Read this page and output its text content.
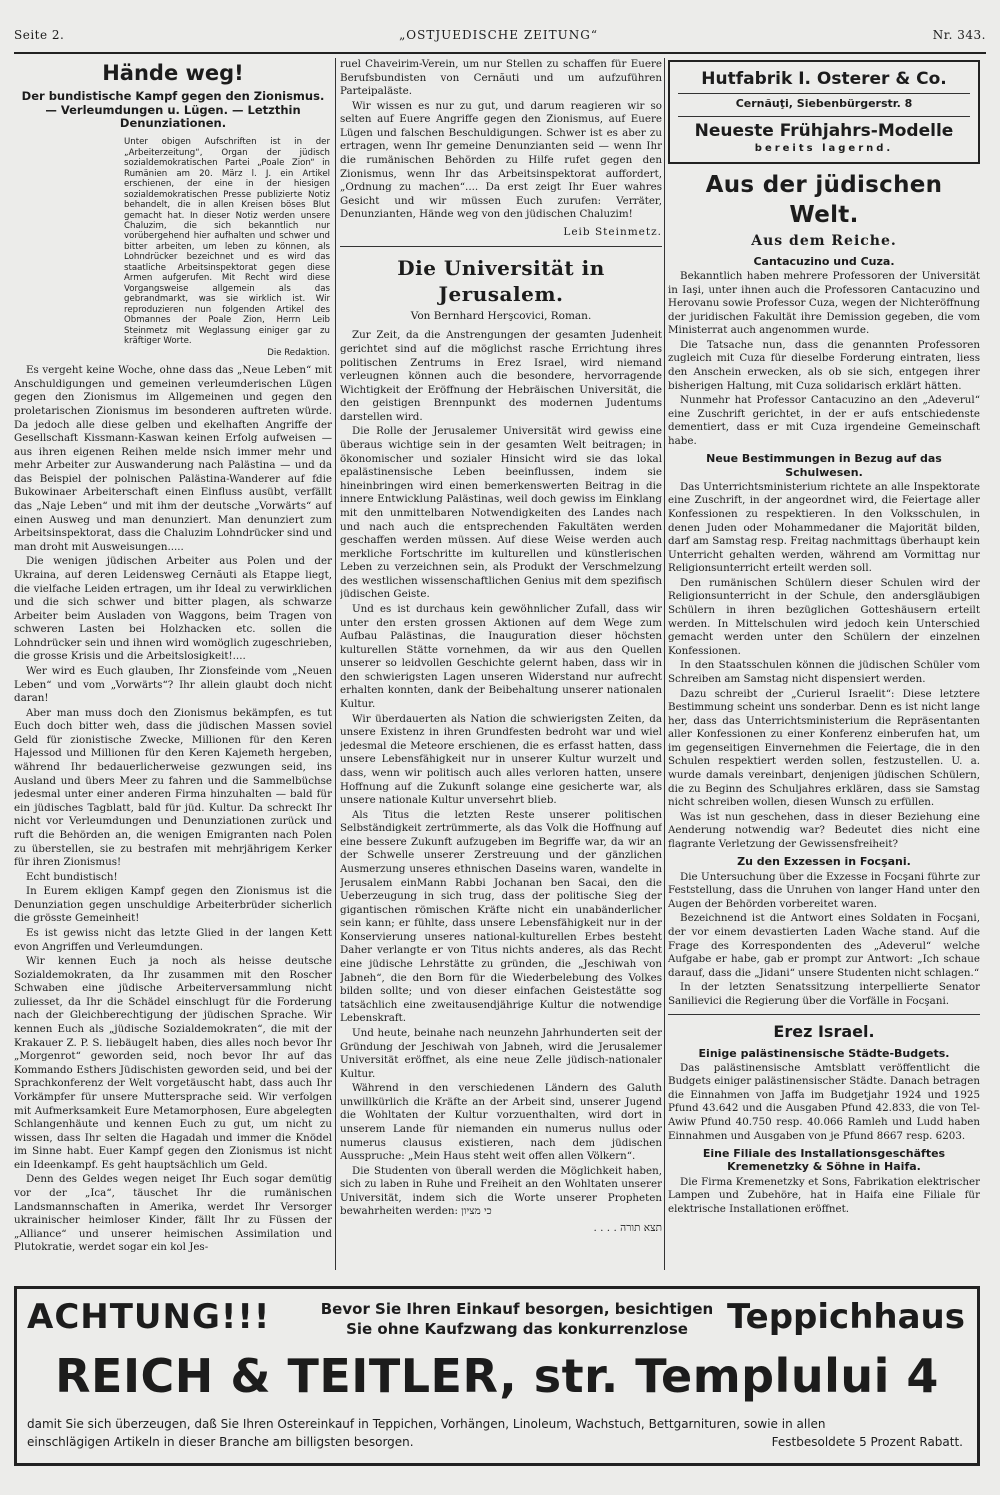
Seite 2.	„OSTJUEDISCHE ZEITUNG“	Nr. 343.
Hände weg!
Der bundistische Kampf gegen den Zionismus. — Verleumdungen u. Lügen. — Letzthin Denunziationen.
Unter obigen Aufschriften ist in der „Arbeiterzeitung“, Organ der jüdisch sozialdemokratischen Partei „Poale Zion“ in Rumänien am 20. März l. J. ein Artikel erschienen, der eine in der hiesigen sozialdemokratischen Presse publizierte Notiz behandelt, die in allen Kreisen böses Blut gemacht hat. In dieser Notiz werden unsere Chaluzim, die sich bekanntlich nur vorübergehend hier aufhalten und schwer und bitter arbeiten, um leben zu können, als Lohndrücker bezeichnet und es wird das staatliche Arbeitsinspektorat gegen diese Armen aufgerufen. Mit Recht wird diese Vorgangsweise allgemein als das gebrandmarkt, was sie wirklich ist. Wir reproduzieren nun folgenden Artikel des Obmannes der Poale Zion, Herrn Leib Steinmetz mit Weglassung einiger gar zu kräftiger Worte.
Die Redaktion.

Es vergeht keine Woche, ohne dass das „Neue Leben“ mit Anschuldigungen und gemeinen verleumderischen Lügen gegen den Zionismus im Allgemeinen und gegen den proletarischen Zionismus im besonderen auftreten würde. Da jedoch alle diese gelben und ekelhaften Angriffe der Gesellschaft Kissmann-Kaswan keinen Erfolg aufweisen — aus ihren eigenen Reihen melde nsich immer mehr und mehr Arbeiter zur Auswanderung nach Palästina — und da das Beispiel der polnischen Palästina-Wanderer auf fdie Bukowinaer Arbeiterschaft einen Einfluss ausübt, verfällt das „Naje Leben“ und mit ihm der deutsche „Vorwärts“ auf einen Ausweg und man denunziert. Man denunziert zum Arbeitsinspektorat, dass die Chaluzim Lohndrücker sind und man droht mit Ausweisungen.....

Die wenigen jüdischen Arbeiter aus Polen und der Ukraina, auf deren Leidensweg Cernăuti als Etappe liegt, die vielfache Leiden ertragen, um ihr Ideal zu verwirklichen und die sich schwer und bitter plagen, als schwarze Arbeiter beim Ausladen von Waggons, beim Tragen von schweren Lasten bei Holzhacken etc. sollen die Lohndrücker sein und ihnen wird womöglich zugeschrieben, die grosse Krisis und die Arbeitslosigkeit!....

Wer wird es Euch glauben, Ihr Zionsfeinde vom „Neuen Leben“ und vom „Vorwärts“? Ihr allein glaubt doch nicht daran!

Aber man muss doch den Zionismus bekämpfen, es tut Euch doch bitter weh, dass die jüdischen Massen soviel Geld für zionistische Zwecke, Millionen für den Keren Hajessod und Millionen für den Keren Kajemeth hergeben, während Ihr bedauerlicherweise gezwungen seid, ins Ausland und übers Meer zu fahren und die Sammelbüchse jedesmal unter einer anderen Firma hinzuhalten — bald für ein jüdisches Tagblatt, bald für jüd. Kultur. Da schreckt Ihr nicht vor Verleumdungen und Denunziationen zurück und ruft die Behörden an, die wenigen Emigranten nach Polen zu überstellen, sie zu bestrafen mit mehrjährigem Kerker für ihren Zionismus!

Echt bundistisch!

In Eurem ekligen Kampf gegen den Zionismus ist die Denunziation gegen unschuldige Arbeiterbrüder sicherlich die grösste Gemeinheit!

Es ist gewiss nicht das letzte Glied in der langen Kett evon Angriffen und Verleumdungen.

Wir kennen Euch ja noch als heisse deutsche Sozialdemokraten, da Ihr zusammen mit den Roscher Schwaben eine jüdische Arbeiterversammlung nicht zuliesset, da Ihr die Schädel einschlugt für die Forderung nach der Gleichberechtigung der jüdischen Sprache. Wir kennen Euch als „jüdische Sozialdemokraten“, die mit der Krakauer Z. P. S. liebäugelt haben, dies alles noch bevor Ihr „Morgenrot“ geworden seid, noch bevor Ihr auf das Kommando Esthers Jüdischisten geworden seid, und bei der Sprachkonferenz der Welt vorgetäuscht habt, dass auch Ihr Vorkämpfer für unsere Muttersprache seid. Wir verfolgen mit Aufmerksamkeit Eure Metamorphosen, Eure abgelegten Schlangenhäute und kennen Euch zu gut, um nicht zu wissen, dass Ihr selten die Hagadah und immer die Knödel im Sinne habt. Euer Kampf gegen den Zionismus ist nicht ein Ideenkampf. Es geht hauptsächlich um Geld.

Denn des Geldes wegen neiget Ihr Euch sogar demütig vor der „Ica“, täuschet Ihr die rumänischen Landsmannschaften in Amerika, werdet Ihr Versorger ukrainischer heimloser Kinder, fällt Ihr zu Füssen der „Alliance“ und unserer heimischen Assimilation und Plutokratie, werdet sogar ein kol Jes-

ruel Chaveirim-Verein, um nur Stellen zu schaffen für Euere Berufsbundisten von Cernăuti und um aufzuführen Parteipaläste.

Wir wissen es nur zu gut, und darum reagieren wir so selten auf Euere Angriffe gegen den Zionismus, auf Euere Lügen und falschen Beschuldigungen. Schwer ist es aber zu ertragen, wenn Ihr gemeine Denunzianten seid — wenn Ihr die rumänischen Behörden zu Hilfe rufet gegen den Zionismus, wenn Ihr das Arbeitsinspektorat auffordert, „Ordnung zu machen“.... Da erst zeigt Ihr Euer wahres Gesicht und wir müssen Euch zurufen: Verräter, Denunzianten, Hände weg von den jüdischen Chaluzim!

Leib Steinmetz.
Die Universität in Jerusalem.
Von Bernhard Herşcovici, Roman.

Zur Zeit, da die Anstrengungen der gesamten Judenheit gerichtet sind auf die möglichst rasche Errichtung ihres politischen Zentrums in Erez Israel, wird niemand verleugnen können auch die besondere, hervorragende Wichtigkeit der Eröffnung der Hebräischen Universität, die den geistigen Brennpunkt des modernen Judentums darstellen wird.

Die Rolle der Jerusalemer Universität wird gewiss eine überaus wichtige sein in der gesamten Welt beitragen; in ökonomischer und sozialer Hinsicht wird sie das lokal epalästinensische Leben beeinflussen, indem sie hineinbringen wird einen bemerkenswerten Beitrag in die innere Entwicklung Palästinas, weil doch gewiss im Einklang mit den unmittelbaren Notwendigkeiten des Landes nach und nach auch die entsprechenden Fakultäten werden geschaffen werden müssen. Auf diese Weise werden auch merkliche Fortschritte im kulturellen und künstlerischen Leben zu verzeichnen sein, als Produkt der Verschmelzung des westlichen wissenschaftlichen Genius mit dem spezifisch jüdischen Geiste.

Und es ist durchaus kein gewöhnlicher Zufall, dass wir unter den ersten grossen Aktionen auf dem Wege zum Aufbau Palästinas, die Inauguration dieser höchsten kulturellen Stätte vornehmen, da wir aus den Quellen unserer so leidvollen Geschichte gelernt haben, dass wir in den schwierigsten Lagen unseren Widerstand nur aufrecht erhalten konnten, dank der Beibehaltung unserer nationalen Kultur.

Wir überdauerten als Nation die schwierigsten Zeiten, da unsere Existenz in ihren Grundfesten bedroht war und wiel jedesmal die Meteore erschienen, die es erfasst hatten, dass unsere Lebensfähigkeit nur in unserer Kultur wurzelt und dass, wenn wir politisch auch alles verloren hatten, unsere Hoffnung auf die Zukunft solange eine gesicherte war, als unsere nationale Kultur unversehrt blieb.

Als Titus die letzten Reste unserer politischen Selbständigkeit zertrümmerte, als das Volk die Hoffnung auf eine bessere Zukunft aufzugeben im Begriffe war, da wir an der Schwelle unserer Zerstreuung und der gänzlichen Ausmerzung unseres ethnischen Daseins waren, wandelte in Jerusalem einMann Rabbi Jochanan ben Sacai, den die Ueberzeugung in sich trug, dass der politische Sieg der gigantischen römischen Kräfte nicht ein unabänderlicher sein kann; er fühlte, dass unsere Lebensfähigkeit nur in der Konservierung unseres national-kulturellen Erbes besteht Daher verlangte er von Titus nichts anderes, als das Recht eine jüdische Lehrstätte zu gründen, die „Jeschiwah von Jabneh“, die den Born für die Wiederbelebung des Volkes bilden sollte; und von dieser einfachen Geistestätte sog tatsächlich eine zweitausendjährige Kultur die notwendige Lebenskraft.

Und heute, beinahe nach neunzehn Jahrhunderten seit der Gründung der Jeschiwah von Jabneh, wird die Jerusalemer Universität eröffnet, als eine neue Zelle jüdisch-nationaler Kultur.

Während in den verschiedenen Ländern des Galuth unwillkürlich die Kräfte an der Arbeit sind, unserer Jugend die Wohltaten der Kultur vorzuenthalten, wird dort in unserem Lande für niemanden ein numerus nullus oder numerus clausus existieren, nach dem jüdischen Ausspruche: „Mein Haus steht weit offen allen Völkern“.

Die Studenten von überall werden die Möglichkeit haben, sich zu laben in Ruhe und Freiheit an den Wohltaten unserer Universität, indem sich die Worte unserer Propheten bewahrheiten werden: כי מציון

. . . . תצא תורה
Hutfabrik I. Osterer & Co.
Cernăuţi, Siebenbürgerstr. 8
Neueste Frühjahrs-Modelle
bereits lagernd.
Aus der jüdischen Welt.
Aus dem Reiche.
Cantacuzino und Cuza.

Bekanntlich haben mehrere Professoren der Universität in Iaşi, unter ihnen auch die Professoren Cantacuzino und Herovanu sowie Professor Cuza, wegen der Nichteröffnung der juridischen Fakultät ihre Demission gegeben, die vom Ministerrat auch angenommen wurde.

Die Tatsache nun, dass die genannten Professoren zugleich mit Cuza für dieselbe Forderung eintraten, liess den Anschein erwecken, als ob sie sich, entgegen ihrer bisherigen Haltung, mit Cuza solidarisch erklärt hätten.

Nunmehr hat Professor Cantacuzino an den „Adeverul“ eine Zuschrift gerichtet, in der er aufs entschiedenste dementiert, dass er mit Cuza irgendeine Gemeinschaft habe.

Neue Bestimmungen in Bezug auf das Schulwesen.

Das Unterrichtsministerium richtete an alle Inspektorate eine Zuschrift, in der angeordnet wird, die Feiertage aller Konfessionen zu respektieren. In den Volksschulen, in denen Juden oder Mohammedaner die Majorität bilden, darf am Samstag resp. Freitag nachmittags überhaupt kein Unterricht gehalten werden, während am Vormittag nur Religionsunterricht erteilt werden soll.

Den rumänischen Schülern dieser Schulen wird der Religionsunterricht in der Schule, den andersgläubigen Schülern in ihren bezüglichen Gotteshäusern erteilt werden. In Mittelschulen wird jedoch kein Unterschied gemacht werden unter den Schülern der einzelnen Konfessionen.

In den Staatsschulen können die jüdischen Schüler vom Schreiben am Samstag nicht dispensiert werden.

Dazu schreibt der „Curierul Israelit“: Diese letztere Bestimmung scheint uns sonderbar. Denn es ist nicht lange her, dass das Unterrichtsministerium die Repräsentanten aller Konfessionen zu einer Konferenz einberufen hat, um im gegenseitigen Einvernehmen die Feiertage, die in den Schulen respektiert werden sollen, festzustellen. U. a. wurde damals vereinbart, denjenigen jüdischen Schülern, die zu Beginn des Schuljahres erklären, dass sie Samstag nicht schreiben wollen, diesen Wunsch zu erfüllen.

Was ist nun geschehen, dass in dieser Beziehung eine Aenderung notwendig war? Bedeutet dies nicht eine flagrante Verletzung der Gewissensfreiheit?

Zu den Exzessen in Focşani.

Die Untersuchung über die Exzesse in Focşani führte zur Feststellung, dass die Unruhen von langer Hand unter den Augen der Behörden vorbereitet waren.

Bezeichnend ist die Antwort eines Soldaten in Focşani, der vor einem devastierten Laden Wache stand. Auf die Frage des Korrespondenten des „Adeverul“ welche Aufgabe er habe, gab er prompt zur Antwort: „Ich schaue darauf, dass die „Jidani“ unsere Studenten nicht schlagen.“

In der letzten Senatssitzung interpellierte Senator Sanilievici die Regierung über die Vorfälle in Focşani.

Erez Israel.
Einige palästinensische Städte-Budgets.

Das palästinensische Amtsblatt veröffentlicht die Budgets einiger palästinensischer Städte. Danach betragen die Einnahmen von Jaffa im Budgetjahr 1924 und 1925 Pfund 43.642 und die Ausgaben Pfund 42.833, die von Tel-Awiw Pfund 40.750 resp. 40.066 Ramleh und Ludd haben Einnahmen und Ausgaben von je Pfund 8667 resp. 6203.

Eine Filiale des Installationsgeschäftes Kremenetzky & Söhne in Haifa.

Die Firma Kremenetzky et Sons, Fabrikation elektrischer Lampen und Zubehöre, hat in Haifa eine Filiale für elektrische Installationen eröffnet.

ACHTUNG!!!	Bevor Sie Ihren Einkauf besorgen, besichtigen
Sie ohne Kaufzwang das konkurrenzlose	Teppichhaus
REICH & TEITLER, str. Templului 4
damit Sie sich überzeugen, daß Sie Ihren Ostereinkauf in Teppichen, Vorhängen, Linoleum, Wachstuch, Bettgarnituren, sowie in allen
einschlägigen Artikeln in dieser Branche am billigsten besorgen.	Festbesoldete 5 Prozent Rabatt.
